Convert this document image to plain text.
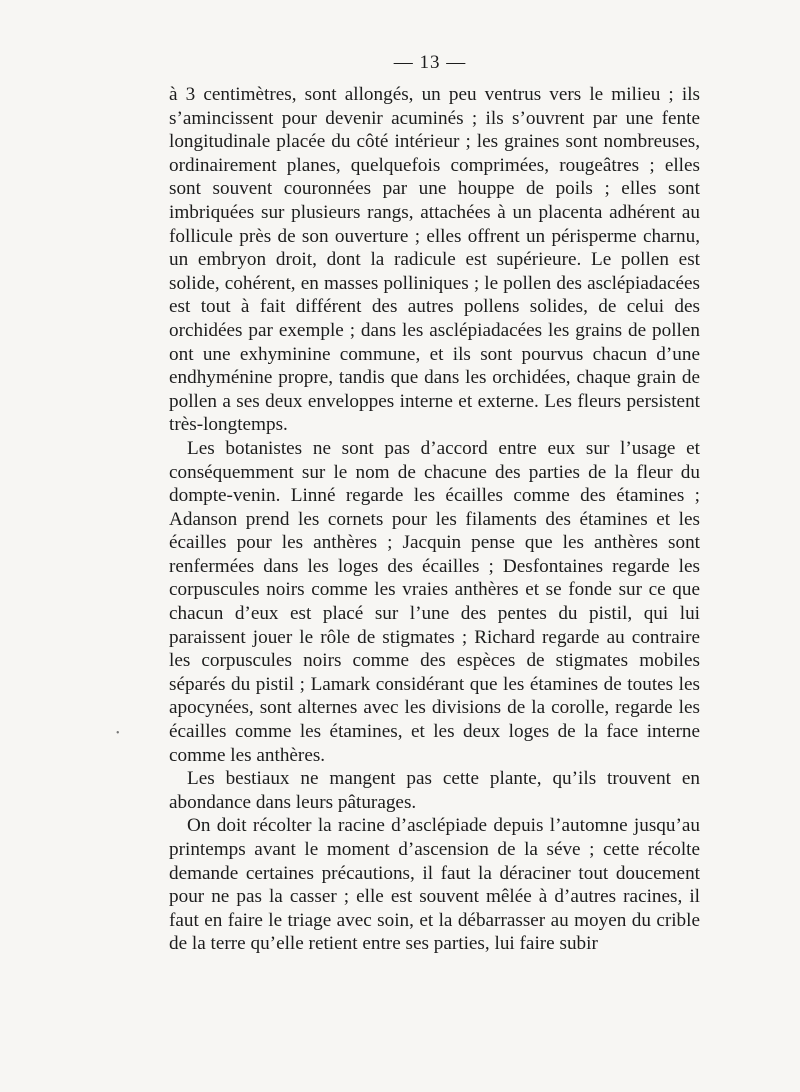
— 13 —

à 3 centimètres, sont allongés, un peu ventrus vers le milieu ; ils s’amincissent pour devenir acuminés ; ils s’ouvrent par une fente longitudinale placée du côté intérieur ; les graines sont nombreuses, ordinairement planes, quelquefois comprimées, rougeâtres ; elles sont souvent couronnées par une houppe de poils ; elles sont imbriquées sur plusieurs rangs, attachées à un placenta adhérent au follicule près de son ouverture ; elles offrent un périsperme charnu, un embryon droit, dont la radicule est supérieure. Le pollen est solide, cohérent, en masses polliniques ; le pollen des asclépiadacées est tout à fait différent des autres pollens solides, de celui des orchidées par exemple ; dans les asclépiadacées les grains de pollen ont une exhyminine commune, et ils sont pourvus chacun d’une endhyménine propre, tandis que dans les orchidées, chaque grain de pollen a ses deux enveloppes interne et externe. Les fleurs persistent très-longtemps.

Les botanistes ne sont pas d’accord entre eux sur l’usage et conséquemment sur le nom de chacune des parties de la fleur du dompte-venin. Linné regarde les écailles comme des étamines ; Adanson prend les cornets pour les filaments des étamines et les écailles pour les anthères ; Jacquin pense que les anthères sont renfermées dans les loges des écailles ; Desfontaines regarde les corpuscules noirs comme les vraies anthères et se fonde sur ce que chacun d’eux est placé sur l’une des pentes du pistil, qui lui paraissent jouer le rôle de stigmates ; Richard regarde au contraire les corpuscules noirs comme des espèces de stigmates mobiles séparés du pistil ; Lamark considérant que les étamines de toutes les apocynées, sont alternes avec les divisions de la corolle, regarde les écailles comme les étamines, et les deux loges de la face interne comme les anthères.

Les bestiaux ne mangent pas cette plante, qu’ils trouvent en abondance dans leurs pâturages.

On doit récolter la racine d’asclépiade depuis l’automne jusqu’au printemps avant le moment d’ascension de la séve ; cette récolte demande certaines précautions, il faut la déraciner tout doucement pour ne pas la casser ; elle est souvent mêlée à d’autres racines, il faut en faire le triage avec soin, et la débarrasser au moyen du crible de la terre qu’elle retient entre ses parties, lui faire subir

•
